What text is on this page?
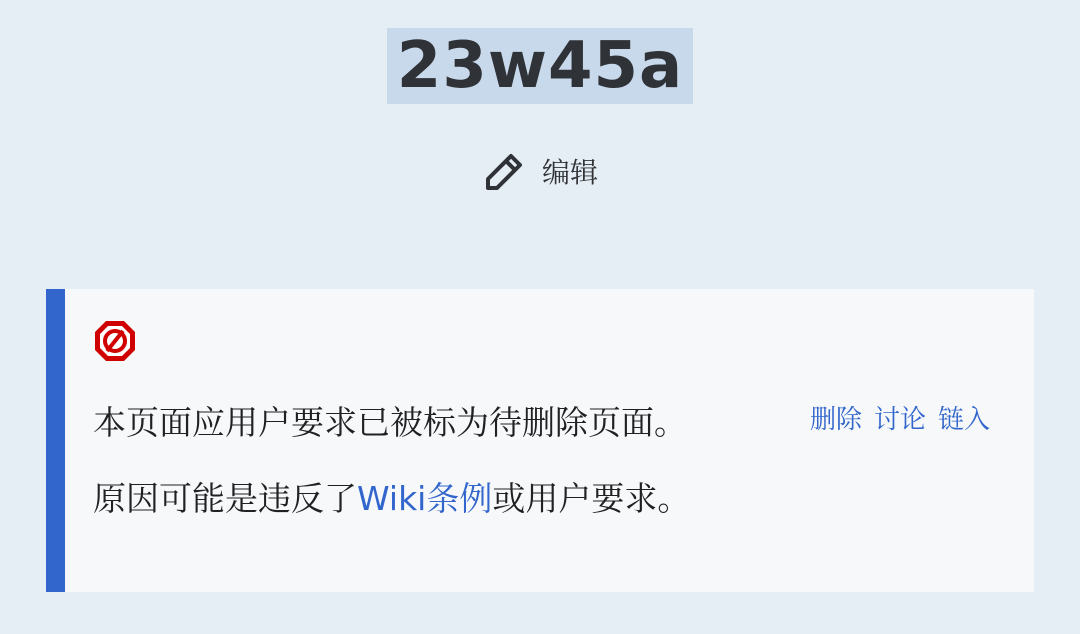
23w45a
编辑
本页面应用户要求已被标为待删除页面。	删除 讨论 链入
原因可能是违反了Wiki条例或用户要求。
